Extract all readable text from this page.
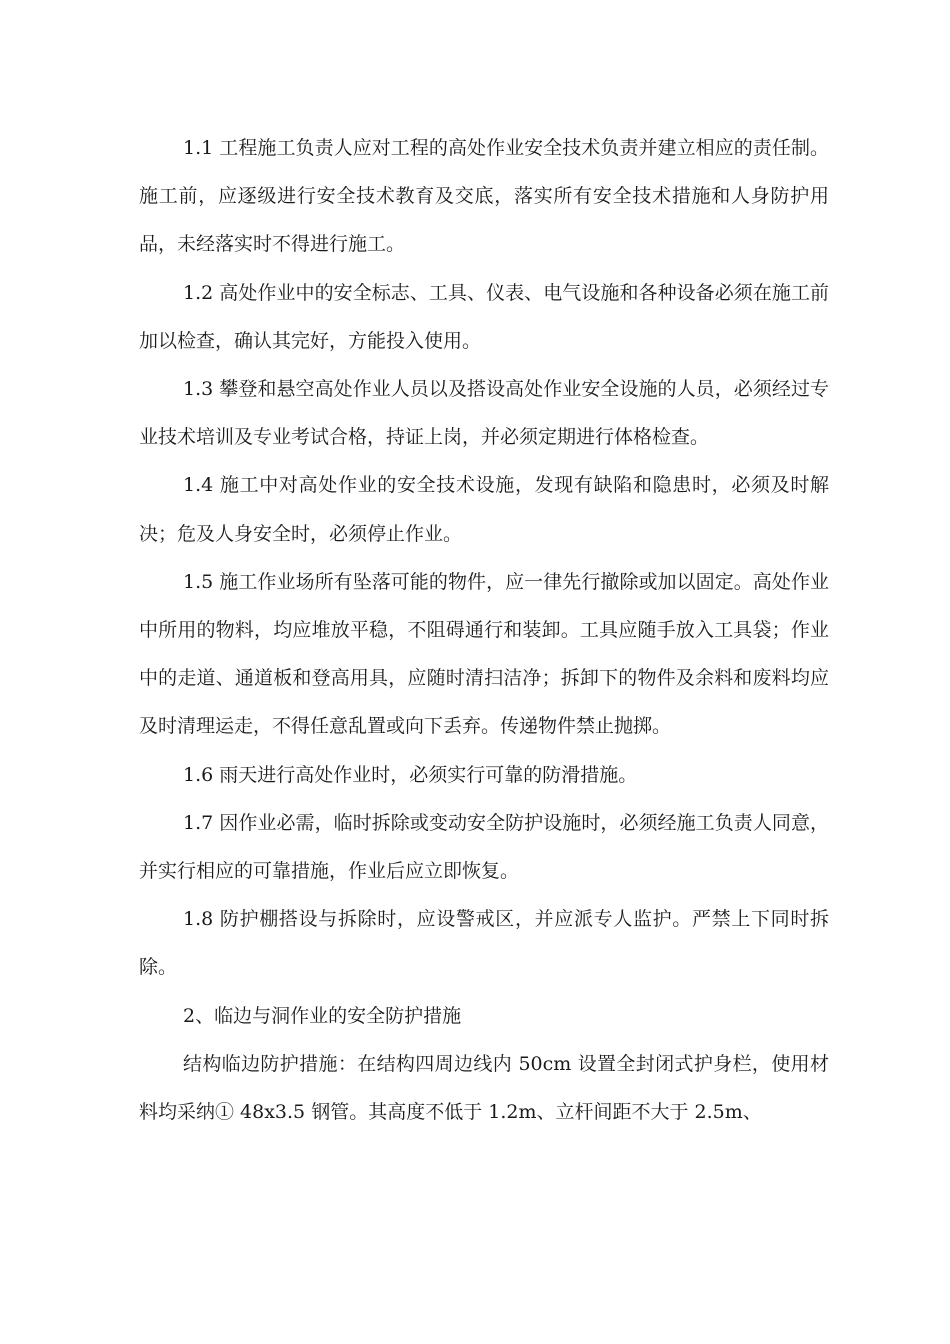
1.1 工程施工负责人应对工程的高处作业安全技术负责并建立相应的责任制。施工前，应逐级进行安全技术教育及交底，落实所有安全技术措施和人身防护用品，未经落实时不得进行施工。

1.2 高处作业中的安全标志、工具、仪表、电气设施和各种设备必须在施工前加以检查，确认其完好，方能投入使用。

1.3 攀登和悬空高处作业人员以及搭设高处作业安全设施的人员，必须经过专业技术培训及专业考试合格，持证上岗，并必须定期进行体格检查。

1.4 施工中对高处作业的安全技术设施，发现有缺陷和隐患时，必须及时解决；危及人身安全时，必须停止作业。

1.5 施工作业场所有坠落可能的物件，应一律先行撤除或加以固定。高处作业中所用的物料，均应堆放平稳，不阻碍通行和装卸。工具应随手放入工具袋；作业中的走道、通道板和登高用具，应随时清扫洁净；拆卸下的物件及余料和废料均应及时清理运走，不得任意乱置或向下丢弃。传递物件禁止抛掷。

1.6 雨天进行高处作业时，必须实行可靠的防滑措施。

1.7 因作业必需，临时拆除或变动安全防护设施时，必须经施工负责人同意，并实行相应的可靠措施，作业后应立即恢复。

1.8 防护棚搭设与拆除时，应设警戒区，并应派专人监护。严禁上下同时拆除。

2、临边与洞作业的安全防护措施

结构临边防护措施：在结构四周边线内 50cm 设置全封闭式护身栏，使用材料均采纳① 48x3.5 钢管。其高度不低于 1.2m、立杆间距不大于 2.5m、
